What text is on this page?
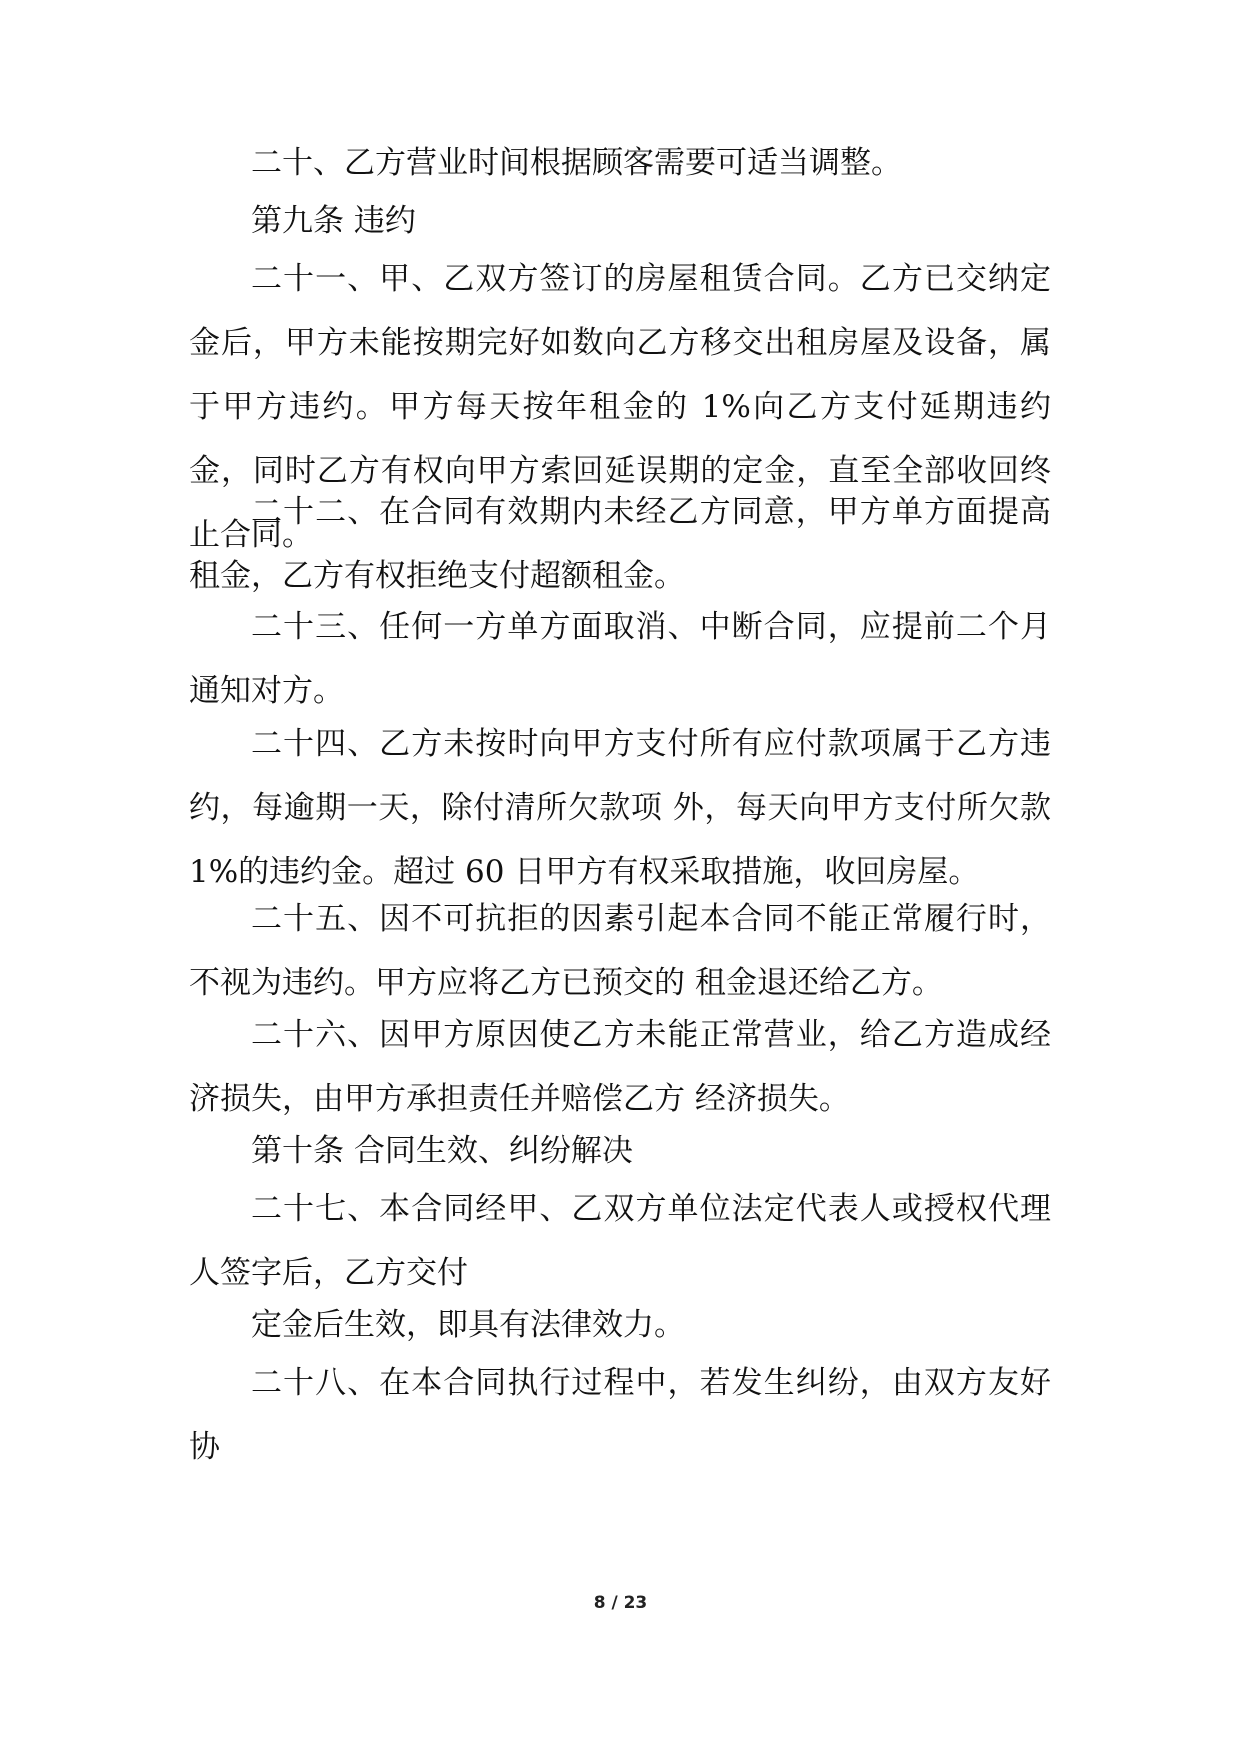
二十、乙方营业时间根据顾客需要可适当调整。

第九条 违约

二十一、甲、乙双方签订的房屋租赁合同。乙方已交纳定金后，甲方未能按期完好如数向乙方移交出租房屋及设备，属于甲方违约。甲方每天按年租金的 1%向乙方支付延期违约金，同时乙方有权向甲方索回延误期的定金，直至全部收回终止合同。

二十二、在合同有效期内未经乙方同意，甲方单方面提高租金，乙方有权拒绝支付超额租金。

二十三、任何一方单方面取消、中断合同，应提前二个月通知对方。

二十四、乙方未按时向甲方支付所有应付款项属于乙方违约，每逾期一天，除付清所欠款项 外，每天向甲方支付所欠款 1%的违约金。超过 60 日甲方有权采取措施，收回房屋。

二十五、因不可抗拒的因素引起本合同不能正常履行时，不视为违约。甲方应将乙方已预交的 租金退还给乙方。

二十六、因甲方原因使乙方未能正常营业，给乙方造成经济损失，由甲方承担责任并赔偿乙方 经济损失。

第十条 合同生效、纠纷解决

二十七、本合同经甲、乙双方单位法定代表人或授权代理人签字后，乙方交付

定金后生效，即具有法律效力。

二十八、在本合同执行过程中，若发生纠纷，由双方友好协

8 / 23
